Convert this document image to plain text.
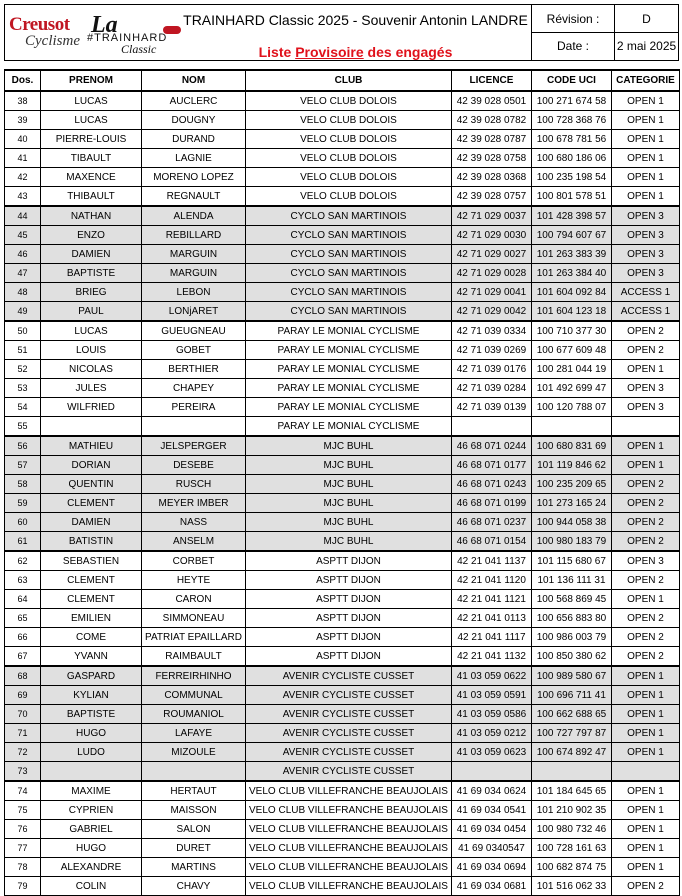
Creusot
Cyclisme
La
#TRAINHARD
Classic
TRAINHARD Classic 2025 - Souvenir Antonin LANDRE
Liste Provisoire des engagés
Révision :	D
Date :	2 mai 2025
Dos.	PRENOM	NOM	CLUB	LICENCE	CODE UCI	CATEGORIE
38	LUCAS	AUCLERC	VELO CLUB DOLOIS	42 39 028 0501	100 271 674 58	OPEN 1
39	LUCAS	DOUGNY	VELO CLUB DOLOIS	42 39 028 0782	100 728 368 76	OPEN 1
40	PIERRE-LOUIS	DURAND	VELO CLUB DOLOIS	42 39 028 0787	100 678 781 56	OPEN 1
41	TIBAULT	LAGNIE	VELO CLUB DOLOIS	42 39 028 0758	100 680 186 06	OPEN 1
42	MAXENCE	MORENO LOPEZ	VELO CLUB DOLOIS	42 39 028 0368	100 235 198 54	OPEN 1
43	THIBAULT	REGNAULT	VELO CLUB DOLOIS	42 39 028 0757	100 801 578 51	OPEN 1
44	NATHAN	ALENDA	CYCLO SAN MARTINOIS	42 71 029 0037	101 428 398 57	OPEN 3
45	ENZO	REBILLARD	CYCLO SAN MARTINOIS	42 71 029 0030	100 794 607 67	OPEN 3
46	DAMIEN	MARGUIN	CYCLO SAN MARTINOIS	42 71 029 0027	101 263 383 39	OPEN 3
47	BAPTISTE	MARGUIN	CYCLO SAN MARTINOIS	42 71 029 0028	101 263 384 40	OPEN 3
48	BRIEG	LEBON	CYCLO SAN MARTINOIS	42 71 029 0041	101 604 092 84	ACCESS 1
49	PAUL	LONjARET	CYCLO SAN MARTINOIS	42 71 029 0042	101 604 123 18	ACCESS 1
50	LUCAS	GUEUGNEAU	PARAY LE MONIAL CYCLISME	42 71 039 0334	100 710 377 30	OPEN 2
51	LOUIS	GOBET	PARAY LE MONIAL CYCLISME	42 71 039 0269	100 677 609 48	OPEN 2
52	NICOLAS	BERTHIER	PARAY LE MONIAL CYCLISME	42 71 039 0176	100 281 044 19	OPEN 1
53	JULES	CHAPEY	PARAY LE MONIAL CYCLISME	42 71 039 0284	101 492 699 47	OPEN 3
54	WILFRIED	PEREIRA	PARAY LE MONIAL CYCLISME	42 71 039 0139	100 120 788 07	OPEN 3
55			PARAY LE MONIAL CYCLISME			
56	MATHIEU	JELSPERGER	MJC BUHL	46 68 071 0244	100 680 831 69	OPEN 1
57	DORIAN	DESEBE	MJC BUHL	46 68 071 0177	101 119 846 62	OPEN 1
58	QUENTIN	RUSCH	MJC BUHL	46 68 071 0243	100 235 209 65	OPEN 2
59	CLEMENT	MEYER IMBER	MJC BUHL	46 68 071 0199	101 273 165 24	OPEN 2
60	DAMIEN	NASS	MJC BUHL	46 68 071 0237	100 944 058 38	OPEN 2
61	BATISTIN	ANSELM	MJC BUHL	46 68 071 0154	100 980 183 79	OPEN 2
62	SEBASTIEN	CORBET	ASPTT DIJON	42 21 041 1137	101 115 680 67	OPEN 3
63	CLEMENT	HEYTE	ASPTT DIJON	42 21 041 1120	101 136 111 31	OPEN 2
64	CLEMENT	CARON	ASPTT DIJON	42 21 041 1121	100 568 869 45	OPEN 1
65	EMILIEN	SIMMONEAU	ASPTT DIJON	42 21 041 0113	100 656 883 80	OPEN 2
66	COME	PATRIAT EPAILLARD	ASPTT DIJON	42 21 041 1117	100 986 003 79	OPEN 2
67	YVANN	RAIMBAULT	ASPTT DIJON	42 21 041 1132	100 850 380 62	OPEN 2
68	GASPARD	FERREIRHINHO	AVENIR CYCLISTE CUSSET	41 03 059 0622	100 989 580 67	OPEN 1
69	KYLIAN	COMMUNAL	AVENIR CYCLISTE CUSSET	41 03 059 0591	100 696 711 41	OPEN 1
70	BAPTISTE	ROUMANIOL	AVENIR CYCLISTE CUSSET	41 03 059 0586	100 662 688 65	OPEN 1
71	HUGO	LAFAYE	AVENIR CYCLISTE CUSSET	41 03 059 0212	100 727 797 87	OPEN 1
72	LUDO	MIZOULE	AVENIR CYCLISTE CUSSET	41 03 059 0623	100 674 892 47	OPEN 1
73			AVENIR CYCLISTE CUSSET			
74	MAXIME	HERTAUT	VELO CLUB VILLEFRANCHE BEAUJOLAIS	41 69 034 0624	101 184 645 65	OPEN 1
75	CYPRIEN	MAISSON	VELO CLUB VILLEFRANCHE BEAUJOLAIS	41 69 034 0541	101 210 902 35	OPEN 1
76	GABRIEL	SALON	VELO CLUB VILLEFRANCHE BEAUJOLAIS	41 69 034 0454	100 980 732 46	OPEN 1
77	HUGO	DURET	VELO CLUB VILLEFRANCHE BEAUJOLAIS	41 69 0340547	100 728 161 63	OPEN 1
78	ALEXANDRE	MARTINS	VELO CLUB VILLEFRANCHE BEAUJOLAIS	41 69 034 0694	100 682 874 75	OPEN 1
79	COLIN	CHAVY	VELO CLUB VILLEFRANCHE BEAUJOLAIS	41 69 034 0681	101 516 062 33	OPEN 2
